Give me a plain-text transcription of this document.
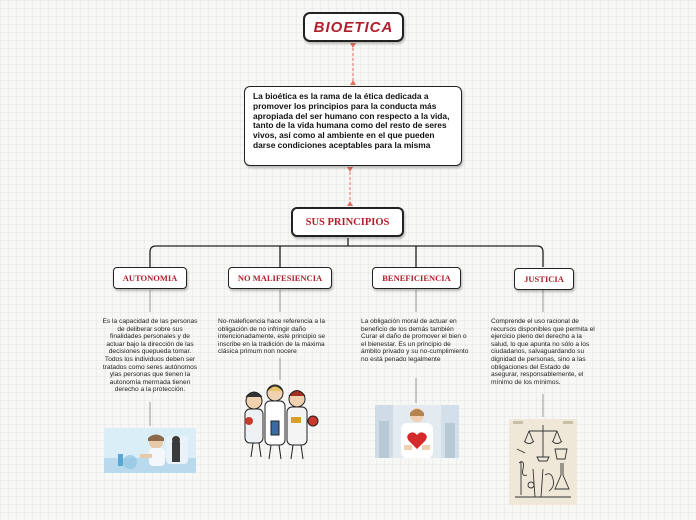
BIOETICA
La bioética es la rama de la ética dedicada a promover los principios para la conducta más apropiada del ser humano con respecto a la vida, tanto de la vida humana como del resto de seres vivos, así como al ambiente en el que pueden darse condiciones aceptables para la misma
SUS PRINCIPIOS
AUTONOMIA	NO MALIFESIENCIA	BENEFICIENCIA	JUSTICIA
Es la capacidad de las personas de deliberar sobre sus finalidades personales y de actuar bajo la dirección de las decisiones quepueda tomar. Todos los individuos deben ser tratados como seres autónomos ylas personas que tienen la autonomía mermada tienen derecho a la protección.
No-maleficencia hace referencia a la obligación de no infringir daño intencionadamente, este principio se inscribe en la tradición de la máxima clásica primum non nocere
La obligación moral de actuar en beneficio de los demás también Curar el daño de promover el bien o el bienestar. Es un principio de ámbito privado y su no-cumplimiento no está penado legalmente
Comprende el uso racional de recursos disponibles que permita el ejercicio pleno del derecho a la salud, lo que apunta no sólo a los ciudadanos, salvaguardando su dignidad de personas, sino a las obligaciones del Estado de asegurar, responsablemente, el mínimo de los mínimos.
